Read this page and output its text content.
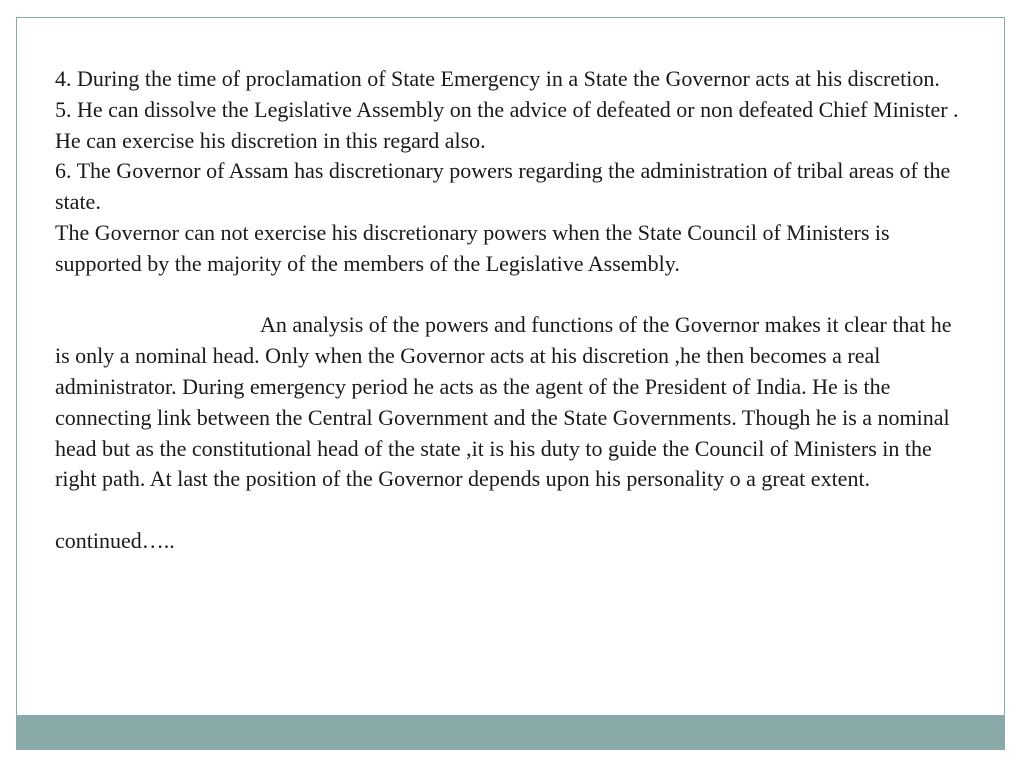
4. During the time of proclamation of State Emergency in a State the Governor acts at his discretion.

5. He can dissolve the Legislative Assembly on the advice of defeated or non defeated Chief Minister . He can exercise his discretion in this regard also.

6. The Governor of Assam has discretionary powers regarding the administration of tribal areas of the state.

The Governor can not exercise his discretionary powers when the State Council of Ministers is supported by the majority of the members of the Legislative Assembly.

An analysis of the powers and functions of the Governor makes it clear that he is only a nominal head. Only when the Governor acts at his discretion ,he then becomes a real administrator. During emergency period he acts as the agent of the President of India. He is the connecting link between the Central Government and the State Governments. Though he is a nominal head but as the constitutional head of the state ,it is his duty to guide the Council of Ministers in the right path. At last the position of the Governor depends upon his personality o a great extent.

continued…..
